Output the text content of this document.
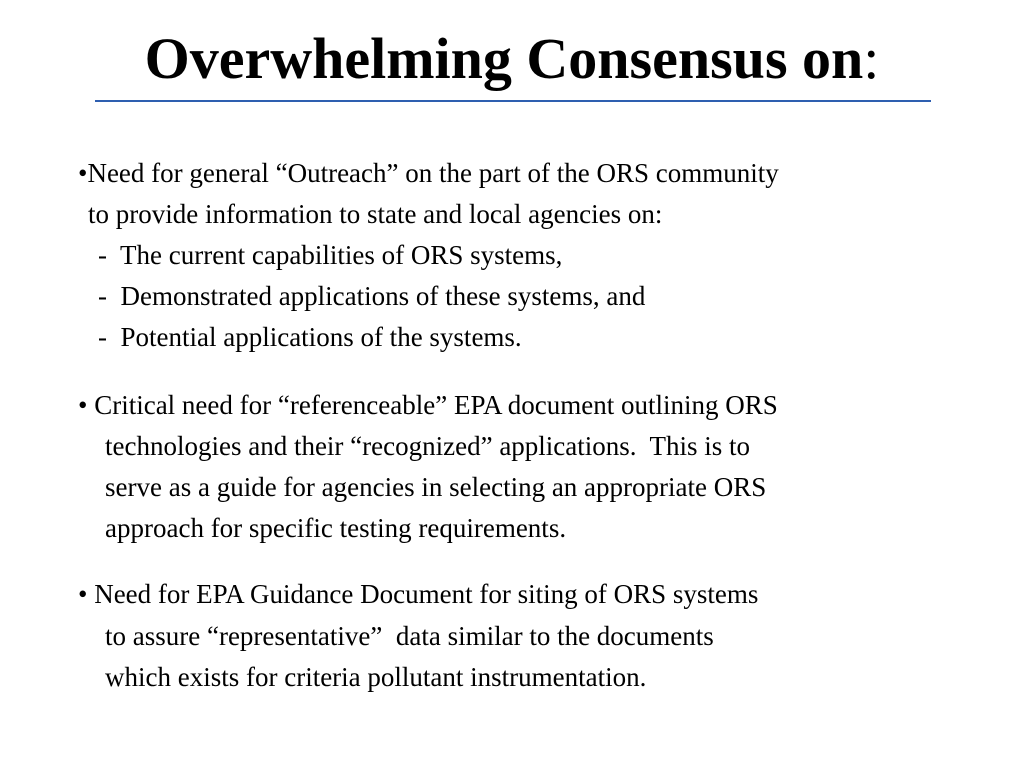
Overwhelming Consensus on:
•Need for general “Outreach” on the part of the ORS community
to provide information to state and local agencies on:
-  The current capabilities of ORS systems,
-  Demonstrated applications of these systems, and
-  Potential applications of the systems.
• Critical need for “referenceable” EPA document outlining ORS
technologies and their “recognized” applications.  This is to
serve as a guide for agencies in selecting an appropriate ORS
approach for specific testing requirements.
• Need for EPA Guidance Document for siting of ORS systems
to assure “representative”  data similar to the documents
which exists for criteria pollutant instrumentation.
